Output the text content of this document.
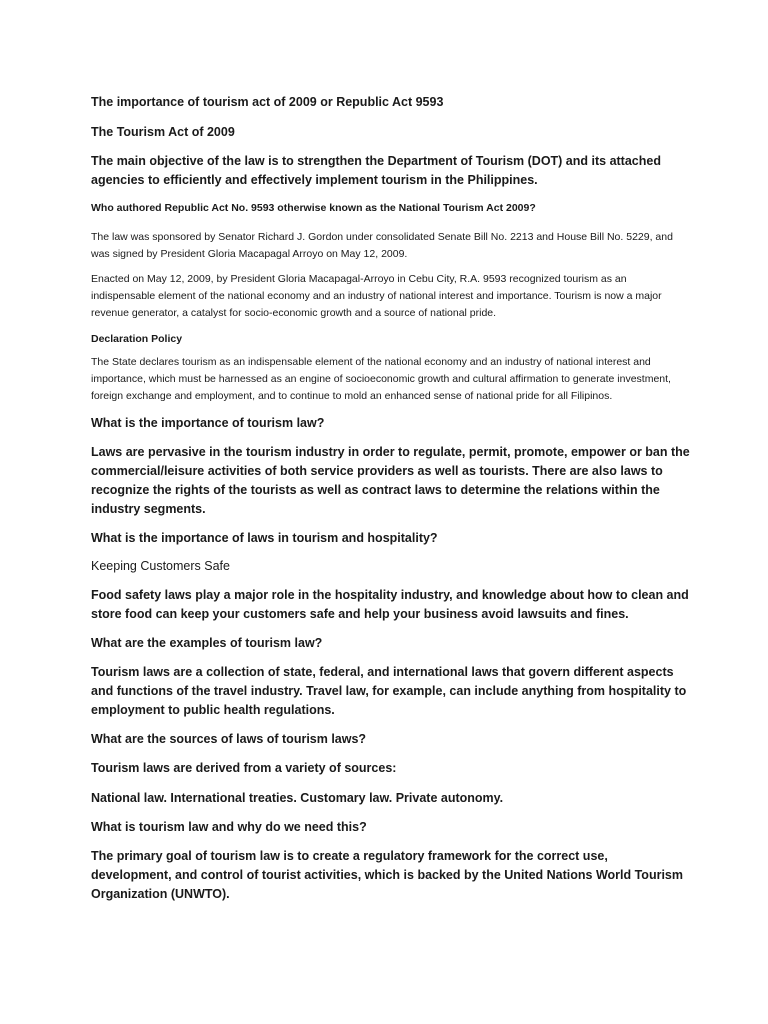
The importance of tourism act of 2009 or Republic Act 9593

The Tourism Act of 2009

The main objective of the law is to strengthen the Department of Tourism (DOT) and its attached agencies to efficiently and effectively implement tourism in the Philippines.

Who authored Republic Act No. 9593 otherwise known as the National Tourism Act 2009?

The law was sponsored by Senator Richard J. Gordon under consolidated Senate Bill No. 2213 and House Bill No. 5229, and was signed by President Gloria Macapagal Arroyo on May 12, 2009.

Enacted on May 12, 2009, by President Gloria Macapagal-Arroyo in Cebu City, R.A. 9593 recognized tourism as an indispensable element of the national economy and an industry of national interest and importance. Tourism is now a major revenue generator, a catalyst for socio-economic growth and a source of national pride.

Declaration Policy

The State declares tourism as an indispensable element of the national economy and an industry of national interest and importance, which must be harnessed as an engine of socioeconomic growth and cultural affirmation to generate investment, foreign exchange and employment, and to continue to mold an enhanced sense of national pride for all Filipinos.

What is the importance of tourism law?

Laws are pervasive in the tourism industry in order to regulate, permit, promote, empower or ban the commercial/leisure activities of both service providers as well as tourists. There are also laws to recognize the rights of the tourists as well as contract laws to determine the relations within the industry segments.

What is the importance of laws in tourism and hospitality?

Keeping Customers Safe

Food safety laws play a major role in the hospitality industry, and knowledge about how to clean and store food can keep your customers safe and help your business avoid lawsuits and fines.

What are the examples of tourism law?

Tourism laws are a collection of state, federal, and international laws that govern different aspects and functions of the travel industry. Travel law, for example, can include anything from hospitality to employment to public health regulations.

What are the sources of laws of tourism laws?

Tourism laws are derived from a variety of sources:

National law. International treaties. Customary law. Private autonomy.

What is tourism law and why do we need this?

The primary goal of tourism law is to create a regulatory framework for the correct use, development, and control of tourist activities, which is backed by the United Nations World Tourism Organization (UNWTO).
